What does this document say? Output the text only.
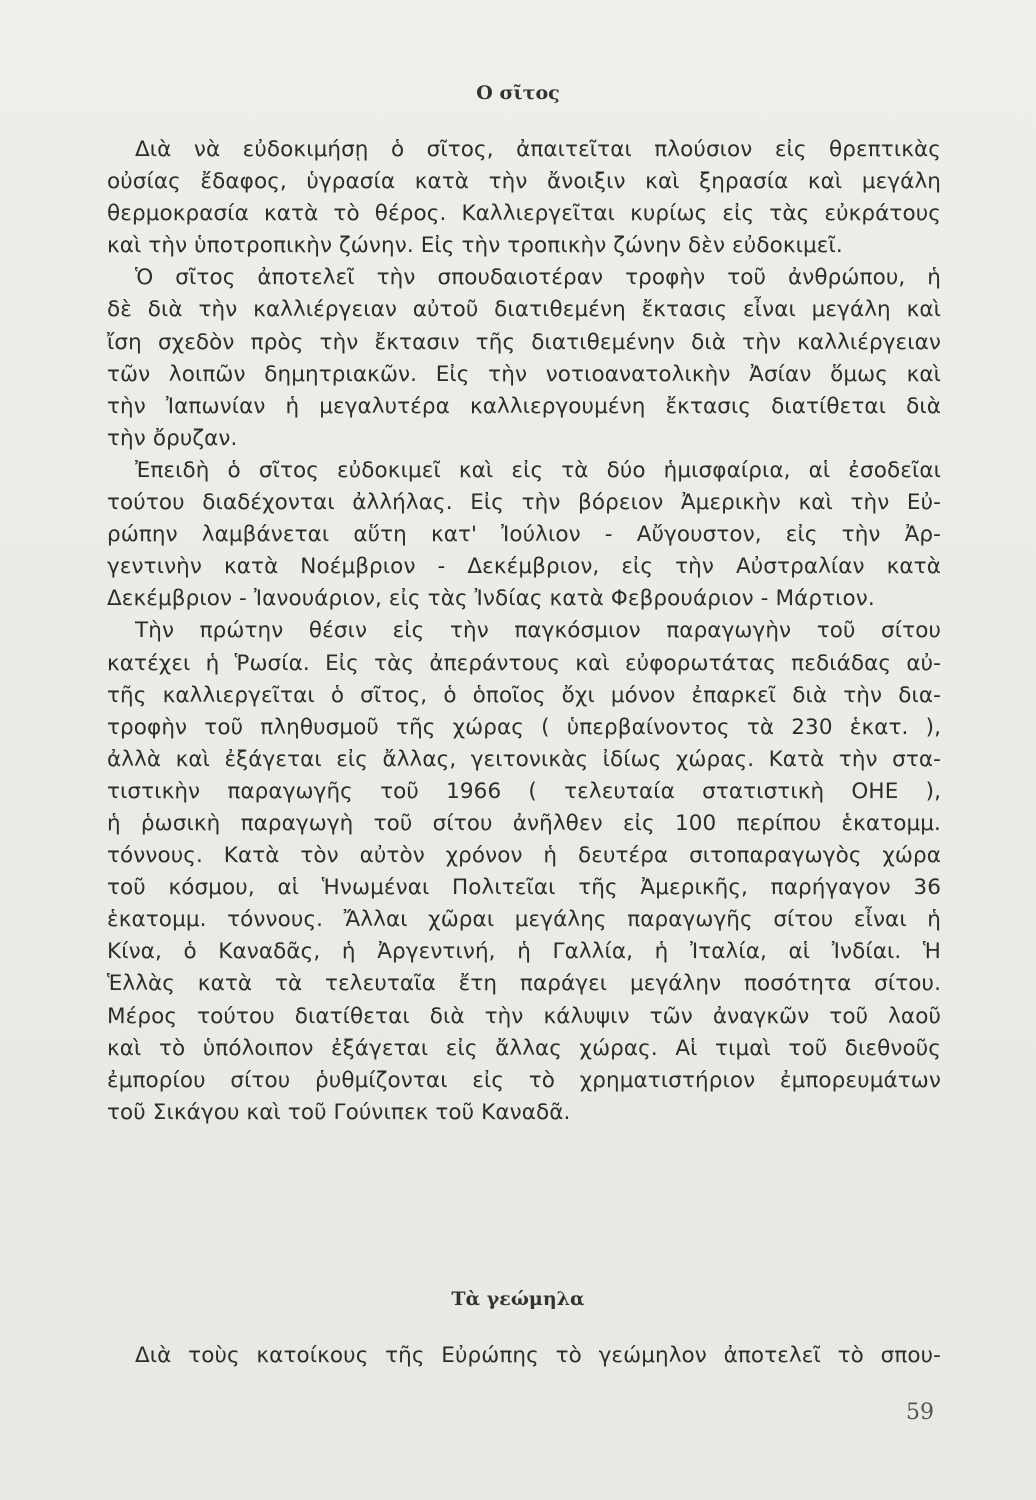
Ο σῖτος
Διὰ νὰ εὐδοκιμήσῃ ὁ σῖτος, ἀπαιτεῖται πλούσιον εἰς θρεπτικὰς
οὐσίας ἔδαφος, ὑγρασία κατὰ τὴν ἄνοιξιν καὶ ξηρασία καὶ μεγάλη
θερμοκρασία κατὰ τὸ θέρος. Καλλιεργεῖται κυρίως εἰς τὰς εὐκράτους
καὶ τὴν ὑποτροπικὴν ζώνην. Εἰς τὴν τροπικὴν ζώνην δὲν εὐδοκιμεῖ.
Ὁ σῖτος ἀποτελεῖ τὴν σπουδαιοτέραν τροφὴν τοῦ ἀνθρώπου, ἡ
δὲ διὰ τὴν καλλιέργειαν αὐτοῦ διατιθεμένη ἔκτασις εἶναι μεγάλη καὶ
ἴση σχεδὸν πρὸς τὴν ἔκτασιν τῆς διατιθεμένην διὰ τὴν καλλιέργειαν
τῶν λοιπῶν δημητριακῶν. Εἰς τὴν νοτιοανατολικὴν Ἀσίαν ὅμως καὶ
τὴν Ἰαπωνίαν ἡ μεγαλυτέρα καλλιεργουμένη ἔκτασις διατίθεται διὰ
τὴν ὄρυζαν.
Ἐπειδὴ ὁ σῖτος εὐδοκιμεῖ καὶ εἰς τὰ δύο ἡμισφαίρια, αἱ ἐσοδεῖαι
τούτου διαδέχονται ἀλλήλας. Εἰς τὴν βόρειον Ἀμερικὴν καὶ τὴν Εὐ-
ρώπην λαμβάνεται αὕτη κατ' Ἰούλιον - Αὔγουστον, εἰς τὴν Ἀρ-
γεντινὴν κατὰ Νοέμβριον - Δεκέμβριον, εἰς τὴν Αὐστραλίαν κατὰ
Δεκέμβριον - Ἰανουάριον, εἰς τὰς Ἰνδίας κατὰ Φεβρουάριον - Μάρτιον.
Τὴν πρώτην θέσιν εἰς τὴν παγκόσμιον παραγωγὴν τοῦ σίτου
κατέχει ἡ Ῥωσία. Εἰς τὰς ἀπεράντους καὶ εὐφορωτάτας πεδιάδας αὐ-
τῆς καλλιεργεῖται ὁ σῖτος, ὁ ὁποῖος ὄχι μόνον ἐπαρκεῖ διὰ τὴν δια-
τροφὴν τοῦ πληθυσμοῦ τῆς χώρας ( ὑπερβαίνοντος τὰ 230 ἑκατ. ),
ἀλλὰ καὶ ἐξάγεται εἰς ἄλλας, γειτονικὰς ἰδίως χώρας. Κατὰ τὴν στα-
τιστικὴν παραγωγῆς τοῦ 1966 ( τελευταία στατιστικὴ ΟΗΕ ),
ἡ ῥωσικὴ παραγωγὴ τοῦ σίτου ἀνῆλθεν εἰς 100 περίπου ἑκατομμ.
τόννους. Κατὰ τὸν αὐτὸν χρόνον ἡ δευτέρα σιτοπαραγωγὸς χώρα
τοῦ κόσμου, αἱ Ἡνωμέναι Πολιτεῖαι τῆς Ἀμερικῆς, παρήγαγον 36
ἑκατομμ. τόννους. Ἄλλαι χῶραι μεγάλης παραγωγῆς σίτου εἶναι ἡ
Κίνα, ὁ Καναδᾶς, ἡ Ἀργεντινή, ἡ Γαλλία, ἡ Ἰταλία, αἱ Ἰνδίαι. Ἡ
Ἑλλὰς κατὰ τὰ τελευταῖα ἔτη παράγει μεγάλην ποσότητα σίτου.
Μέρος τούτου διατίθεται διὰ τὴν κάλυψιν τῶν ἀναγκῶν τοῦ λαοῦ
καὶ τὸ ὑπόλοιπον ἐξάγεται εἰς ἄλλας χώρας. Αἱ τιμαὶ τοῦ διεθνοῦς
ἐμπορίου σίτου ῥυθμίζονται εἰς τὸ χρηματιστήριον ἐμπορευμάτων
τοῦ Σικάγου καὶ τοῦ Γούνιπεκ τοῦ Καναδᾶ.
Τὰ γεώμηλα
Διὰ τοὺς κατοίκους τῆς Εὐρώπης τὸ γεώμηλον ἀποτελεῖ τὸ σπου-
59
